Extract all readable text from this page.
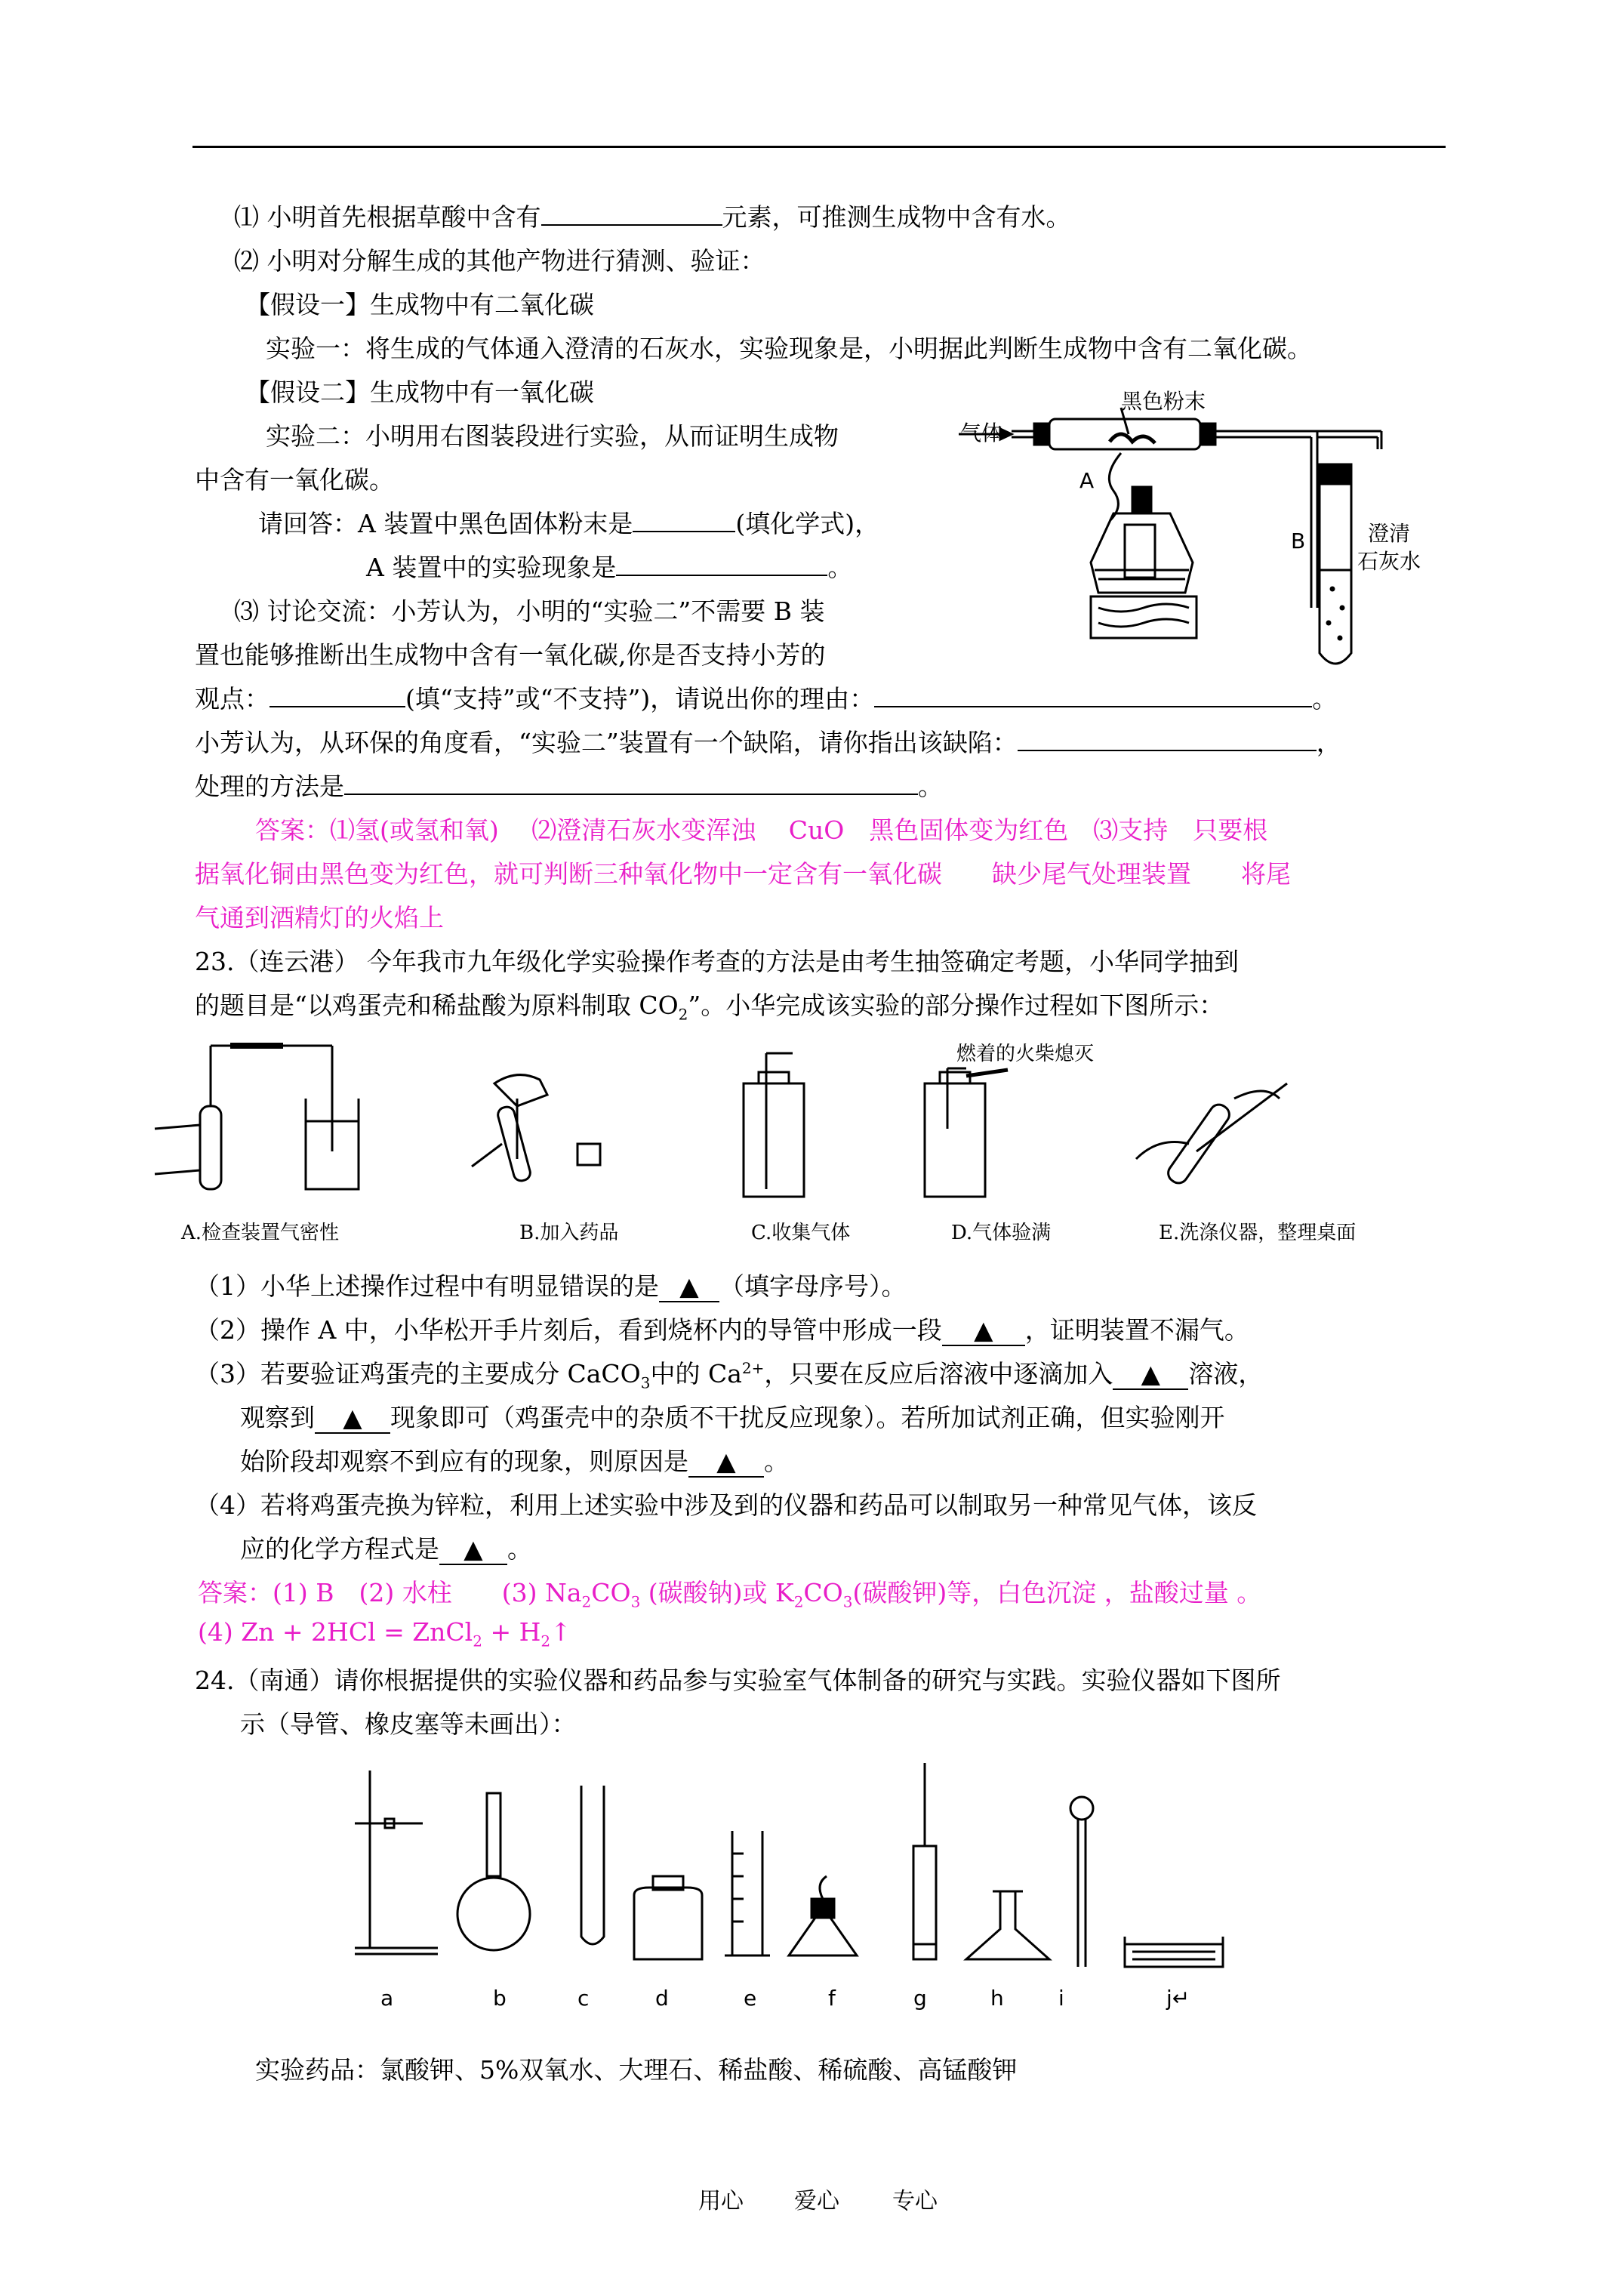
⑴ 小明首先根据草酸中含有	元素，可推测生成物中含有水。
⑵ 小明对分解生成的其他产物进行猜测、验证：
【假设一】生成物中有二氧化碳
实验一：将生成的气体通入澄清的石灰水，实验现象是，小明据此判断生成物中含有二氧化碳。
【假设二】生成物中有一氧化碳
实验二：小明用右图装段进行实验，从而证明生成物
中含有一氧化碳。
请回答：A 装置中黑色固体粉末是	(填化学式)，
A 装置中的实验现象是	。
⑶ 讨论交流：小芳认为，小明的“实验二”不需要 B 装
置也能够推断出生成物中含有一氧化碳,你是否支持小芳的
观点：	(填“支持”或“不支持”)，请说出你的理由：	。
小芳认为，从环保的角度看，“实验二”装置有一个缺陷，请你指出该缺陷：	，
处理的方法是	。
答案：⑴氢(或氢和氧)　 ⑵澄清石灰水变浑浊　 CuO　黑色固体变为红色　⑶支持　只要根
据氧化铜由黑色变为红色，就可判断三种氧化物中一定含有一氧化碳　　缺少尾气处理装置　　将尾
气通到酒精灯的火焰上
气体
黑色粉末
A
B	澄清
石灰水
23.（连云港） 今年我市九年级化学实验操作考查的方法是由考生抽签确定考题，小华同学抽到
的题目是“以鸡蛋壳和稀盐酸为原料制取 $CO_2$”。小华完成该实验的部分操作过程如下图所示：
燃着的火柴熄灭
A.检查装置气密性	B.加入药品	C.收集气体	D.气体验满	E.洗涤仪器，整理桌面
（1）小华上述操作过程中有明显错误的是 ▲ （填字母序号）。
（2）操作 A 中，小华松开手片刻后，看到烧杯内的导管中形成一段 ▲ ，证明装置不漏气。
（3）若要验证鸡蛋壳的主要成分 CaCO$_3$中的 $Ca^{2+}$，只要在反应后溶液中逐滴加入 ▲ 溶液，
观察到 ▲ 现象即可（鸡蛋壳中的杂质不干扰反应现象）。若所加试剂正确，但实验刚开
始阶段却观察不到应有的现象，则原因是 ▲ 。
（4）若将鸡蛋壳换为锌粒，利用上述实验中涉及到的仪器和药品可以制取另一种常见气体，该反
应的化学方程式是 ▲ 。
答案：(1) B　(2) 水柱　　(3) $Na_2CO_3$ (碳酸钠)或 $K_2CO_3$(碳酸钾)等，白色沉淀 ，盐酸过量 。
(4) Zn + 2HCl = ZnCl$_2$ + $H_2↑$
24.（南通）请你根据提供的实验仪器和药品参与实验室气体制备的研究与实践。实验仪器如下图所
示（导管、橡皮塞等未画出）：
a	b	c	d	e	f	g	h	i	j↵
实验药品：氯酸钾、5%双氧水、大理石、稀盐酸、稀硫酸、高锰酸钾
用心 爱心 专心
